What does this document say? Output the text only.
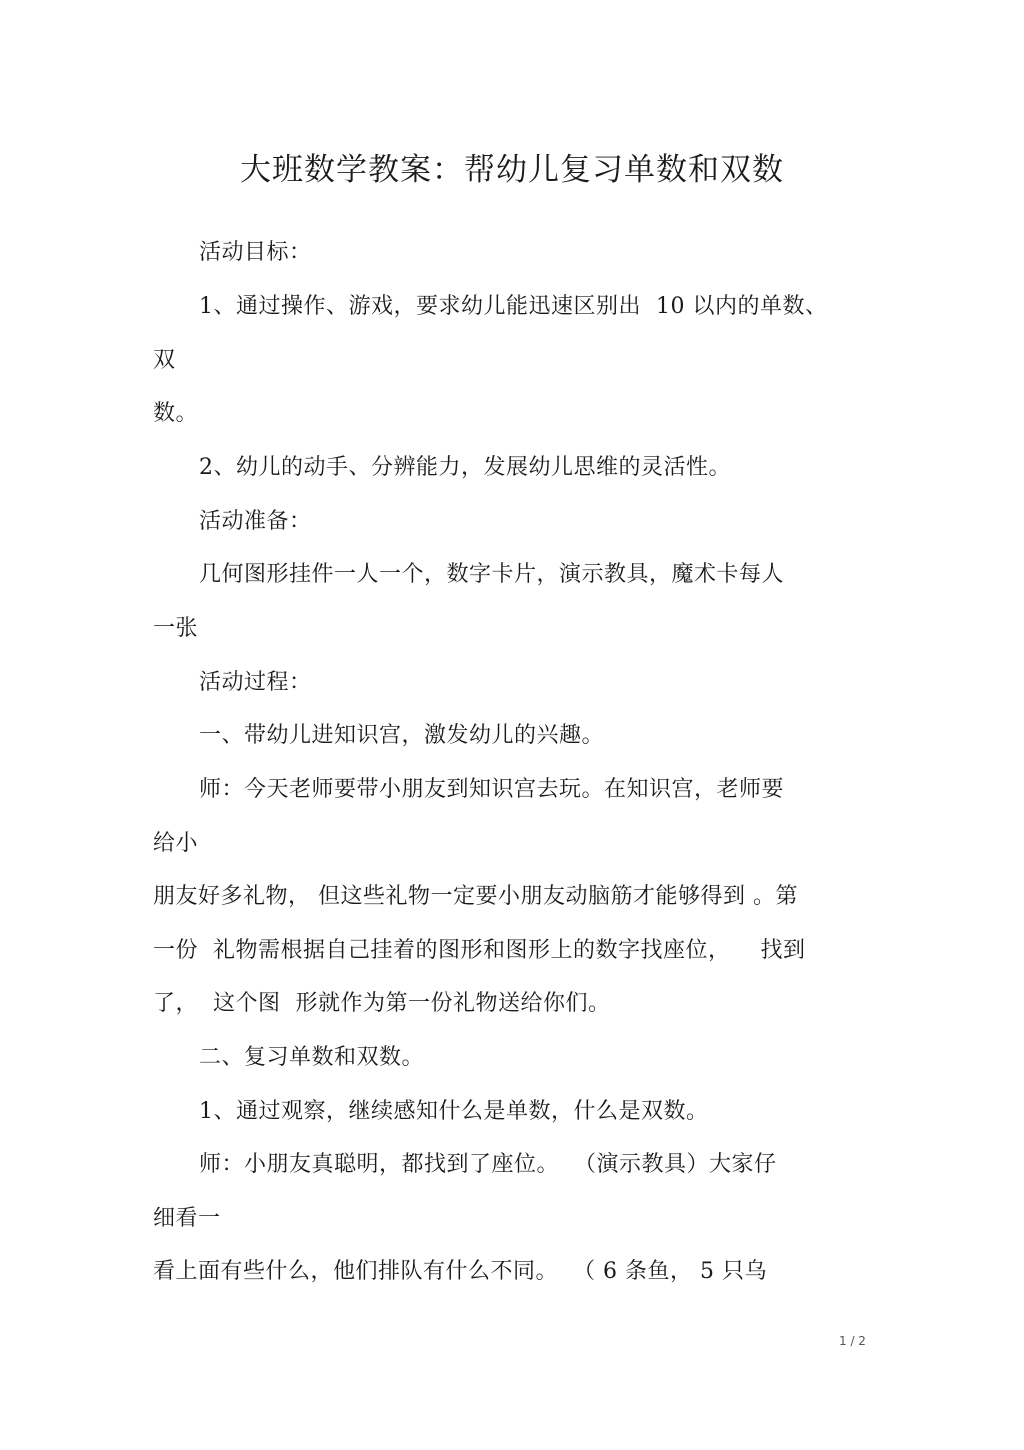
大班数学教案：帮幼儿复习单数和双数
活动目标：
1、通过操作、游戏，要求幼儿能迅速区别出  10 以内的单数、
双
数。
2、幼儿的动手、分辨能力，发展幼儿思维的灵活性。
活动准备：
几何图形挂件一人一个，数字卡片，演示教具，魔术卡每人
一张
活动过程：
一、带幼儿进知识宫，激发幼儿的兴趣。
师：今天老师要带小朋友到知识宫去玩。在知识宫，老师要
给小
朋友好多礼物， 但这些礼物一定要小朋友动脑筋才能够得到 。第
一份  礼物需根据自己挂着的图形和图形上的数字找座位，    找到
了，  这个图  形就作为第一份礼物送给你们。
二、复习单数和双数。
1、通过观察，继续感知什么是单数，什么是双数。
师：小朋友真聪明，都找到了座位。  （演示教具）大家仔
细看一
看上面有些什么，他们排队有什么不同。  （ 6 条鱼， 5 只乌
1 / 2
